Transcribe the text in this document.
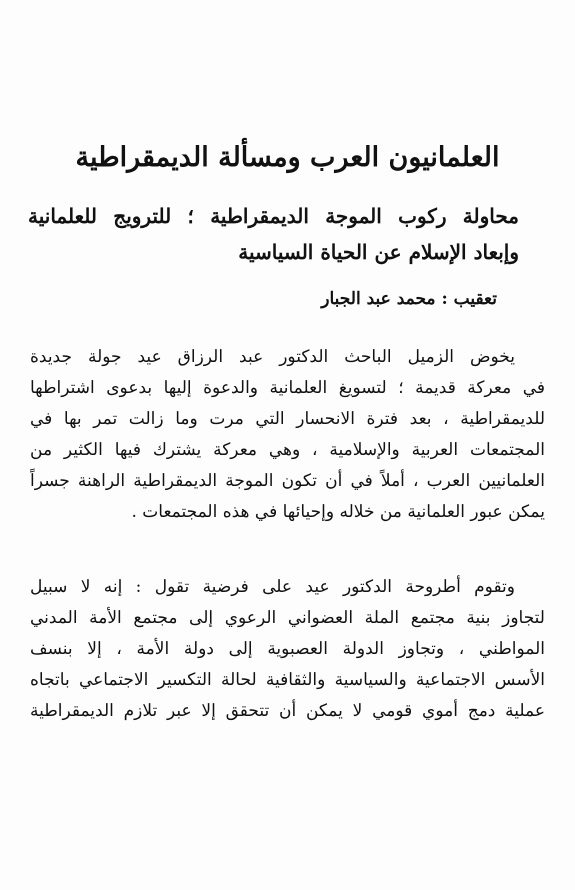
العلمانيون العرب ومسألة الديمقراطية
محاولة ركوب الموجة الديمقراطية ؛ للترويج للعلمانية
وإبعاد الإسلام عن الحياة السياسية
تعقيب : محمد عبد الجبار
يخوض الزميل الباحث الدكتور عبد الرزاق عيد جولة جديدة
في معركة قديمة ؛ لتسويغ العلمانية والدعوة إليها بدعوى اشتراطها
للديمقراطية ، بعد فترة الانحسار التي مرت وما زالت تمر بها في
المجتمعات العربية والإسلامية ، وهي معركة يشترك فيها الكثير من
العلمانيين العرب ، أملاً في أن تكون الموجة الديمقراطية الراهنة جسراً
يمكن عبور العلمانية من خلاله وإحيائها في هذه المجتمعات .
وتقوم أطروحة الدكتور عيد على فرضية تقول : إنه لا سبيل
لتجاوز بنية مجتمع الملة العضواني الرعوي إلى مجتمع الأمة المدني
المواطني ، وتجاوز الدولة العصبوية إلى دولة الأمة ، إلا بنسف
الأسس الاجتماعية والسياسية والثقافية لحالة التكسير الاجتماعي باتجاه
عملية دمج أموي قومي لا يمكن أن تتحقق إلا عبر تلازم الديمقراطية
